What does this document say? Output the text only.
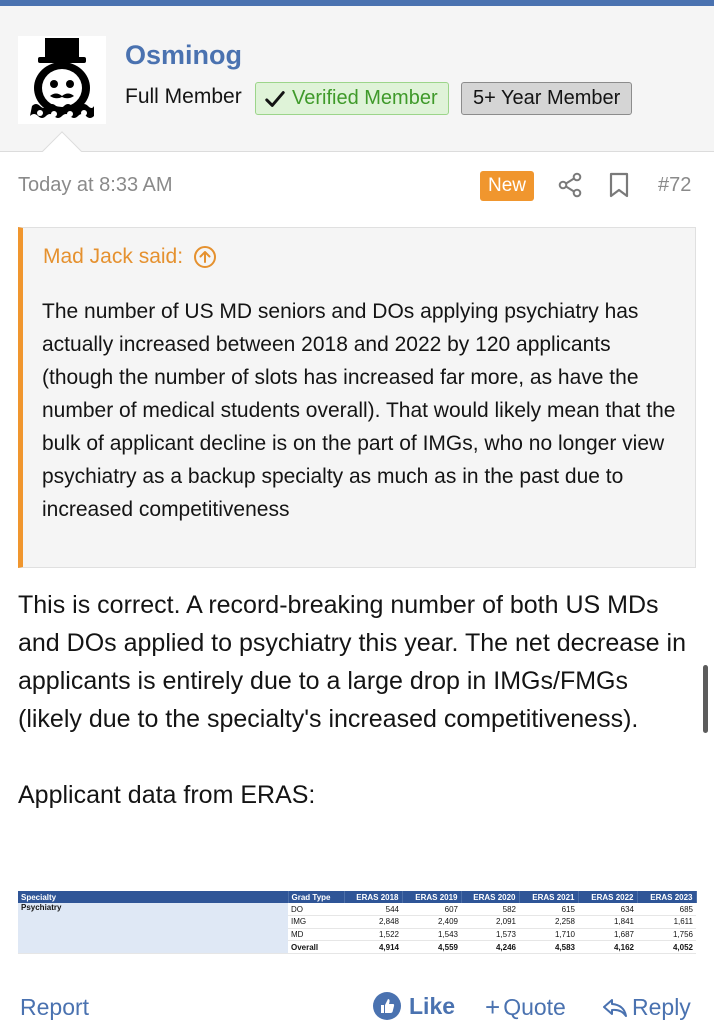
Osminog
Full Member	Verified Member 5+ Year Member
Today at 8:33 AM	New	#72
Mad Jack said:
The number of US MD seniors and DOs applying psychiatry has actually increased between 2018 and 2022 by 120 applicants (though the number of slots has increased far more, as have the number of medical students overall). That would likely mean that the bulk of applicant decline is on the part of IMGs, who no longer view psychiatry as a backup specialty as much as in the past due to increased competitiveness

This is correct. A record-breaking number of both US MDs and DOs applied to psychiatry this year. The net decrease in applicants is entirely due to a large drop in IMGs/FMGs (likely due to the specialty's increased competitiveness).

Applicant data from ERAS:

Specialty	Grad Type	ERAS 2018	ERAS 2019	ERAS 2020	ERAS 2021	ERAS 2022	ERAS 2023
Psychiatry	DO	544	607	582	615	634	685
	IMG	2,848	2,409	2,091	2,258	1,841	1,611
	MD	1,522	1,543	1,573	1,710	1,687	1,756
	Overall	4,914	4,559	4,246	4,583	4,162	4,052
Report	Like + Quote	Reply
